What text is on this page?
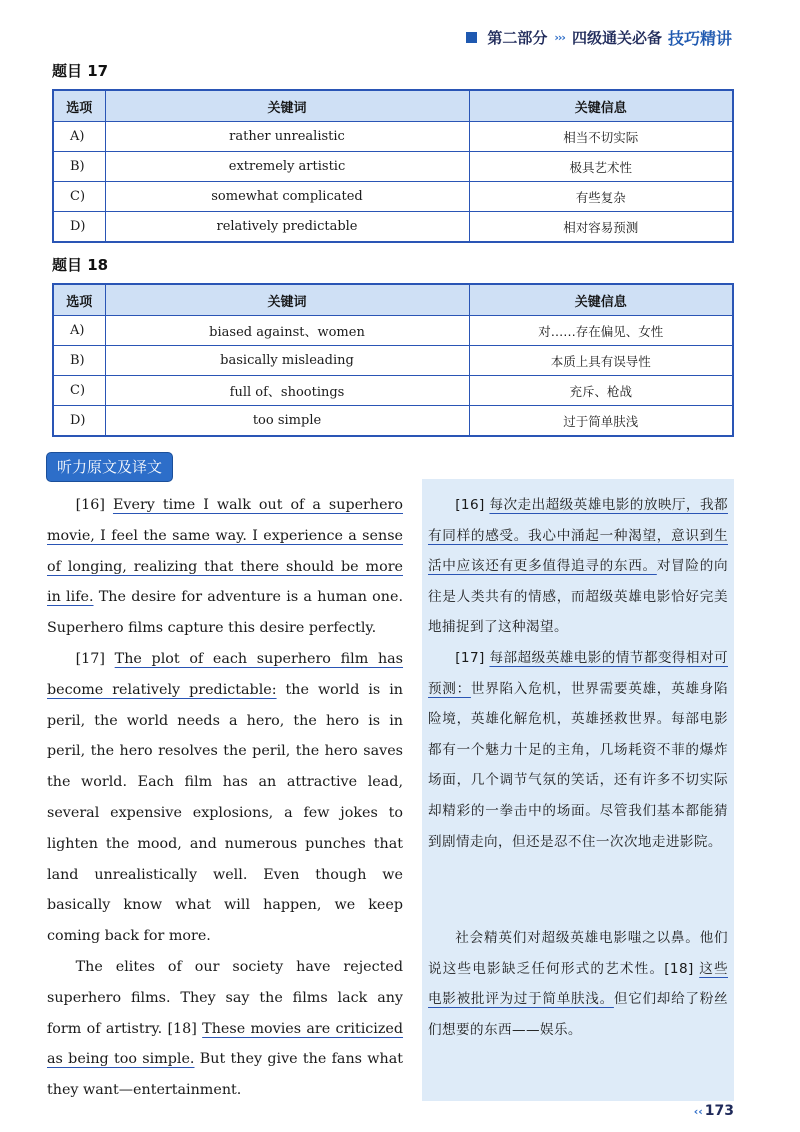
第二部分 ››› 四级通关必备 技巧精讲
题目 17
选项	关键词	关键信息
A)	rather unrealistic	相当不切实际
B)	extremely artistic	极具艺术性
C)	somewhat complicated	有些复杂
D)	relatively predictable	相对容易预测
题目 18
选项	关键词	关键信息
A)	biased against、women	对……存在偏见、女性
B)	basically misleading	本质上具有误导性
C)	full of、shootings	充斥、枪战
D)	too simple	过于简单肤浅
听力原文及译文

[16] Every time I walk out of a superhero movie, I feel the same way. I experience a sense of longing, realizing that there should be more in life. The desire for adventure is a human one. Superhero films capture this desire perfectly.

[17] The plot of each superhero film has become relatively predictable: the world is in peril, the world needs a hero, the hero is in peril, the hero resolves the peril, the hero saves the world. Each film has an attractive lead, several expensive explosions, a few jokes to lighten the mood, and numerous punches that land unrealistically well. Even though we basically know what will happen, we keep coming back for more.

The elites of our society have rejected superhero films. They say the films lack any form of artistry. [18] These movies are criticized as being too simple. But they give the fans what they want—entertainment.

[16] 每次走出超级英雄电影的放映厅，我都有同样的感受。我心中涌起一种渴望，意识到生活中应该还有更多值得追寻的东西。对冒险的向往是人类共有的情感，而超级英雄电影恰好完美地捕捉到了这种渴望。

[17] 每部超级英雄电影的情节都变得相对可预测：世界陷入危机，世界需要英雄，英雄身陷险境，英雄化解危机，英雄拯救世界。每部电影都有一个魅力十足的主角，几场耗资不菲的爆炸场面，几个调节气氛的笑话，还有许多不切实际却精彩的一拳击中的场面。尽管我们基本都能猜到剧情走向，但还是忍不住一次次地走进影院。

社会精英们对超级英雄电影嗤之以鼻。他们说这些电影缺乏任何形式的艺术性。[18] 这些电影被批评为过于简单肤浅。但它们却给了粉丝们想要的东西——娱乐。

‹‹ 173
